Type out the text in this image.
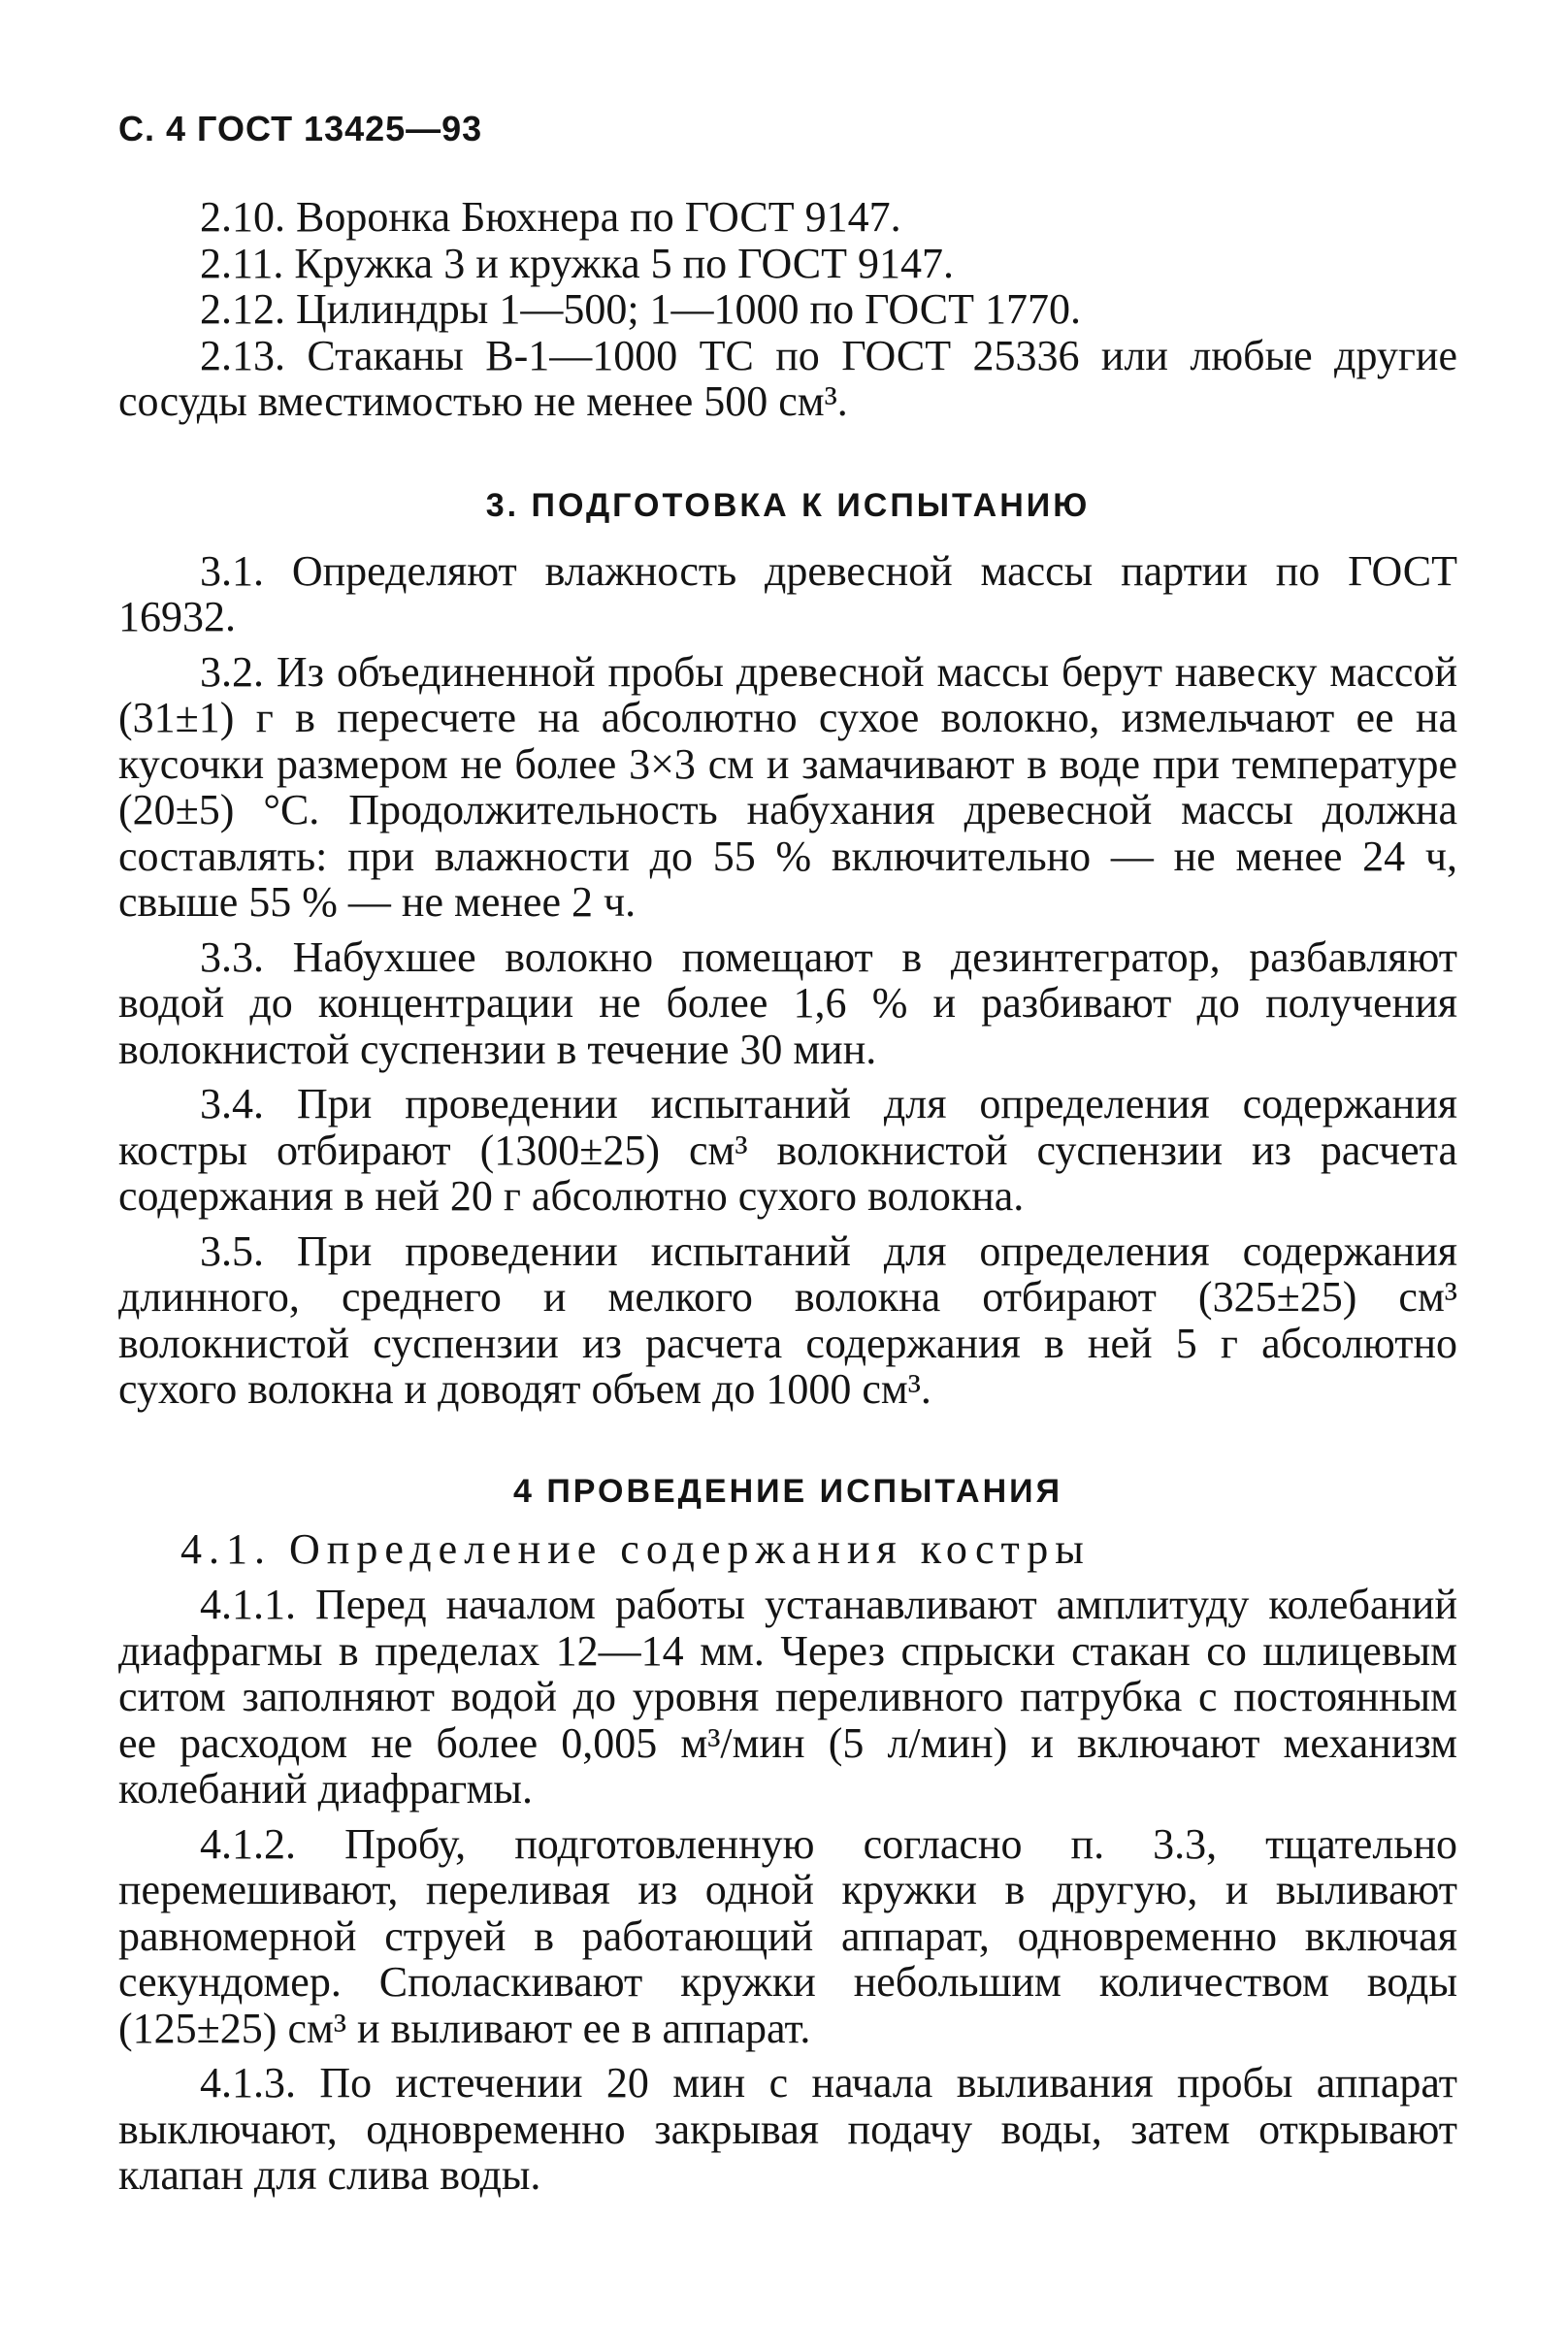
С. 4 ГОСТ 13425—93

2.10. Воронка Бюхнера по ГОСТ 9147.

2.11. Кружка 3 и кружка 5 по ГОСТ 9147.

2.12. Цилиндры 1—500; 1—1000 по ГОСТ 1770.

2.13. Стаканы В-1—1000 ТС по ГОСТ 25336 или любые другие сосуды вместимостью не менее 500 см³.

3. ПОДГОТОВКА К ИСПЫТАНИЮ

3.1. Определяют влажность древесной массы партии по ГОСТ 16932.

3.2. Из объединенной пробы древесной массы берут навеску массой (31±1) г в пересчете на абсолютно сухое волокно, измельчают ее на кусочки размером не более 3×3 см и замачивают в воде при температуре (20±5) °С. Продолжительность набухания древесной массы должна составлять: при влажности до 55 % включительно — не менее 24 ч, свыше 55 % — не менее 2 ч.

3.3. Набухшее волокно помещают в дезинтегратор, разбавляют водой до концентрации не более 1,6 % и разбивают до получения волокнистой суспензии в течение 30 мин.

3.4. При проведении испытаний для определения содержания костры отбирают (1300±25) см³ волокнистой суспензии из расчета содержания в ней 20 г абсолютно сухого волокна.

3.5. При проведении испытаний для определения содержания длинного, среднего и мелкого волокна отбирают (325±25) см³ волокнистой суспензии из расчета содержания в ней 5 г абсолютно сухого волокна и доводят объем до 1000 см³.

4 ПРОВЕДЕНИЕ ИСПЫТАНИЯ

4.1. Определение содержания костры

4.1.1. Перед началом работы устанавливают амплитуду колебаний диафрагмы в пределах 12—14 мм. Через спрыски стакан со шлицевым ситом заполняют водой до уровня переливного патрубка с постоянным ее расходом не более 0,005 м³/мин (5 л/мин) и включают механизм колебаний диафрагмы.

4.1.2. Пробу, подготовленную согласно п. 3.3, тщательно перемешивают, переливая из одной кружки в другую, и выливают равномерной струей в работающий аппарат, одновременно включая секундомер. Споласкивают кружки небольшим количеством воды (125±25) см³ и выливают ее в аппарат.

4.1.3. По истечении 20 мин с начала выливания пробы аппарат выключают, одновременно закрывая подачу воды, затем открывают клапан для слива воды.
